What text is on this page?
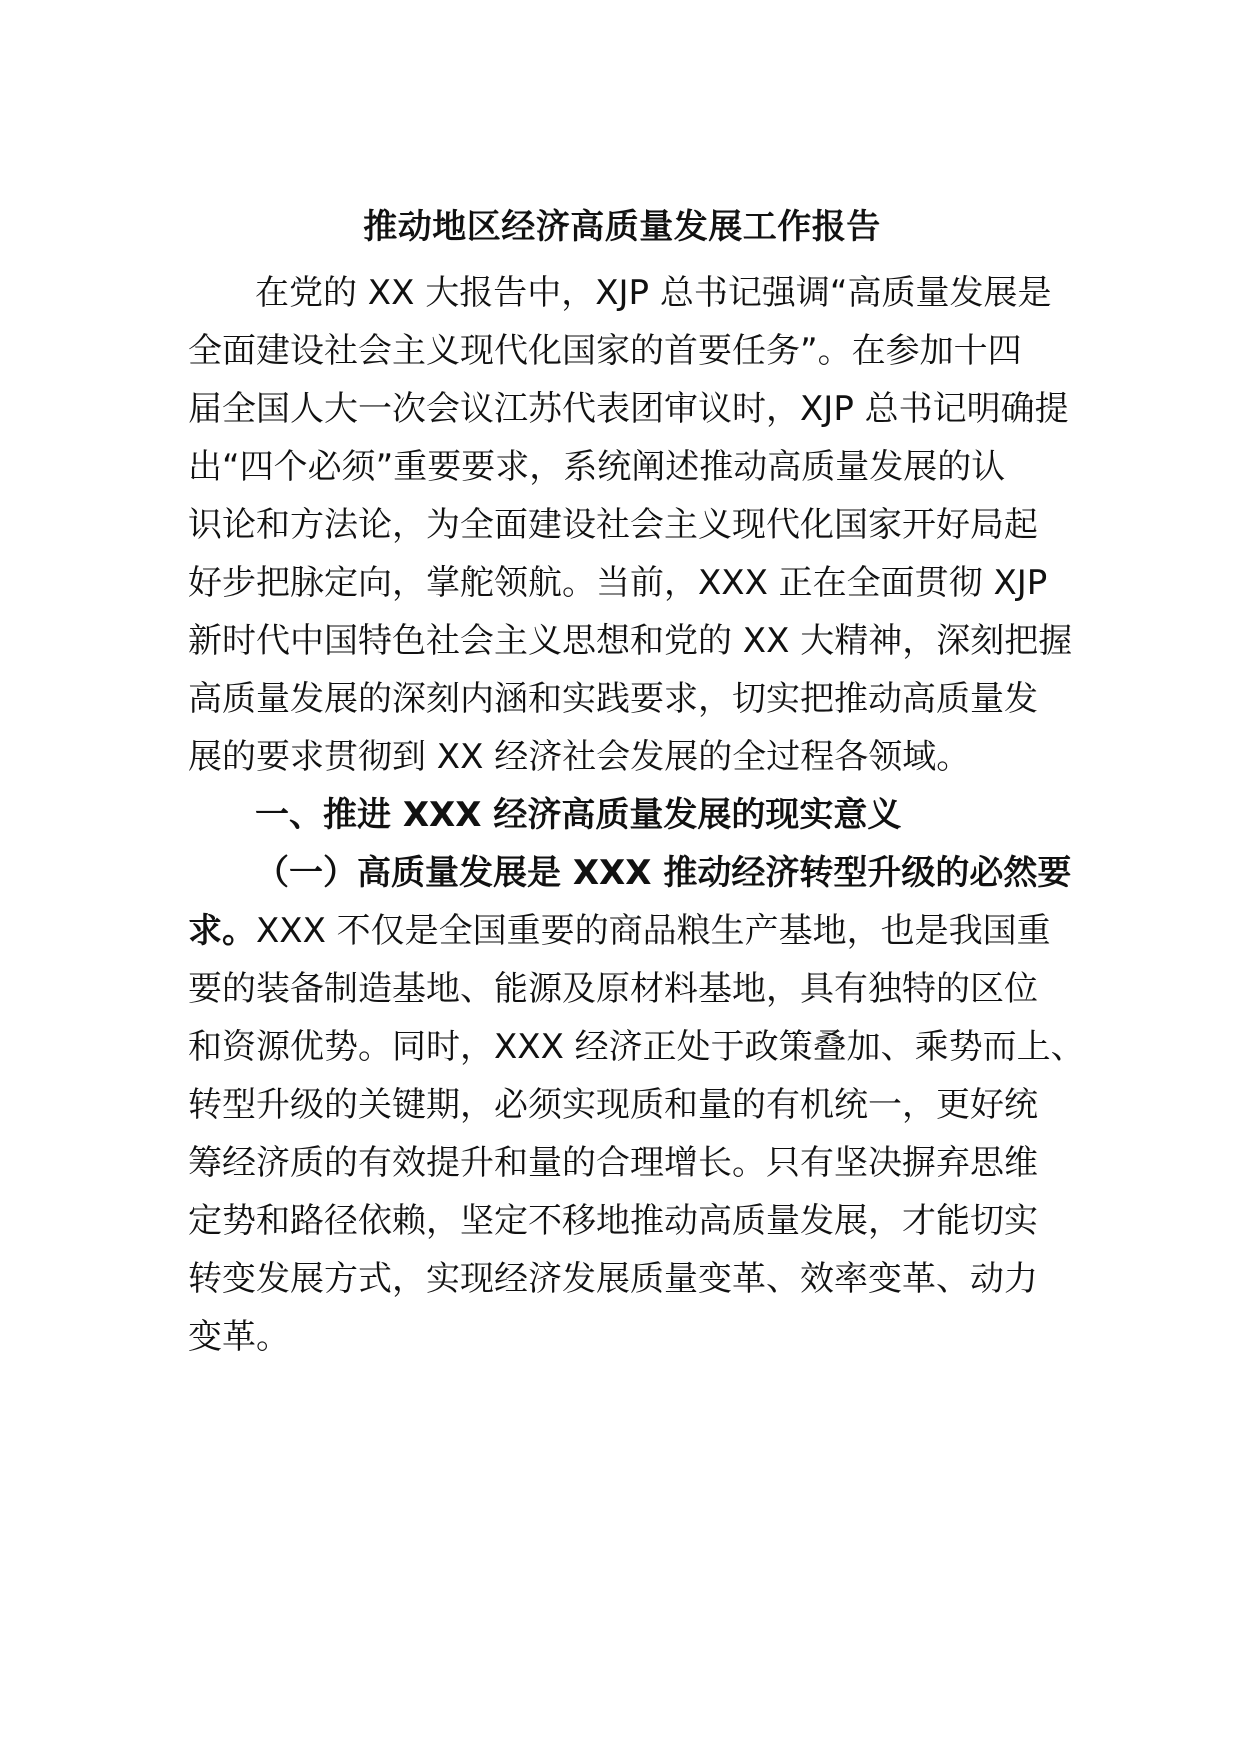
推动地区经济高质量发展工作报告
在党的 XX 大报告中，XJP 总书记强调“高质量发展是
全面建设社会主义现代化国家的首要任务”。在参加十四
届全国人大一次会议江苏代表团审议时，XJP 总书记明确提
出“四个必须”重要要求，系统阐述推动高质量发展的认
识论和方法论，为全面建设社会主义现代化国家开好局起
好步把脉定向，掌舵领航。当前，XXX 正在全面贯彻 XJP
新时代中国特色社会主义思想和党的 XX 大精神，深刻把握
高质量发展的深刻内涵和实践要求，切实把推动高质量发
展的要求贯彻到 XX 经济社会发展的全过程各领域。
一、推进 XXX 经济高质量发展的现实意义
（一）高质量发展是 XXX 推动经济转型升级的必然要
求。XXX 不仅是全国重要的商品粮生产基地，也是我国重
要的装备制造基地、能源及原材料基地，具有独特的区位
和资源优势。同时，XXX 经济正处于政策叠加、乘势而上、
转型升级的关键期，必须实现质和量的有机统一，更好统
筹经济质的有效提升和量的合理增长。只有坚决摒弃思维
定势和路径依赖，坚定不移地推动高质量发展，才能切实
转变发展方式，实现经济发展质量变革、效率变革、动力
变革。
